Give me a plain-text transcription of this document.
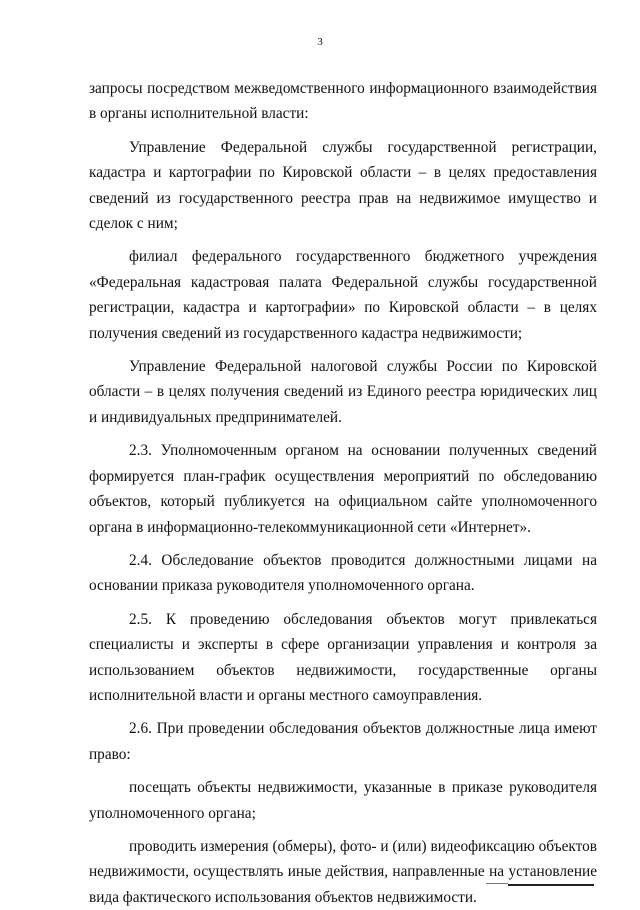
3

запросы посредством межведомственного информационного взаимодействия в органы исполнительной власти:

Управление Федеральной службы государственной регистрации, кадастра и картографии по Кировской области – в целях предоставления сведений из государственного реестра прав на недвижимое имущество и сделок с ним;

филиал федерального государственного бюджетного учреждения «Федеральная кадастровая палата Федеральной службы государственной регистрации, кадастра и картографии» по Кировской области – в целях получения сведений из государственного кадастра недвижимости;

Управление Федеральной налоговой службы России по Кировской области – в целях получения сведений из Единого реестра юридических лиц и индивидуальных предпринимателей.

2.3. Уполномоченным органом на основании полученных сведений формируется план-график осуществления мероприятий по обследованию объектов, который публикуется на официальном сайте уполномоченного органа в информационно-телекоммуникационной сети «Интернет».

2.4. Обследование объектов проводится должностными лицами на основании приказа руководителя уполномоченного органа.

2.5. К проведению обследования объектов могут привлекаться специалисты и эксперты в сфере организации управления и контроля за использованием объектов недвижимости, государственные органы исполнительной власти и органы местного самоуправления.

2.6. При проведении обследования объектов должностные лица имеют право:

посещать объекты недвижимости, указанные в приказе руководителя уполномоченного органа;

проводить измерения (обмеры), фото- и (или) видеофиксацию объектов недвижимости, осуществлять иные действия, направленные на установление вида фактического использования объектов недвижимости.
